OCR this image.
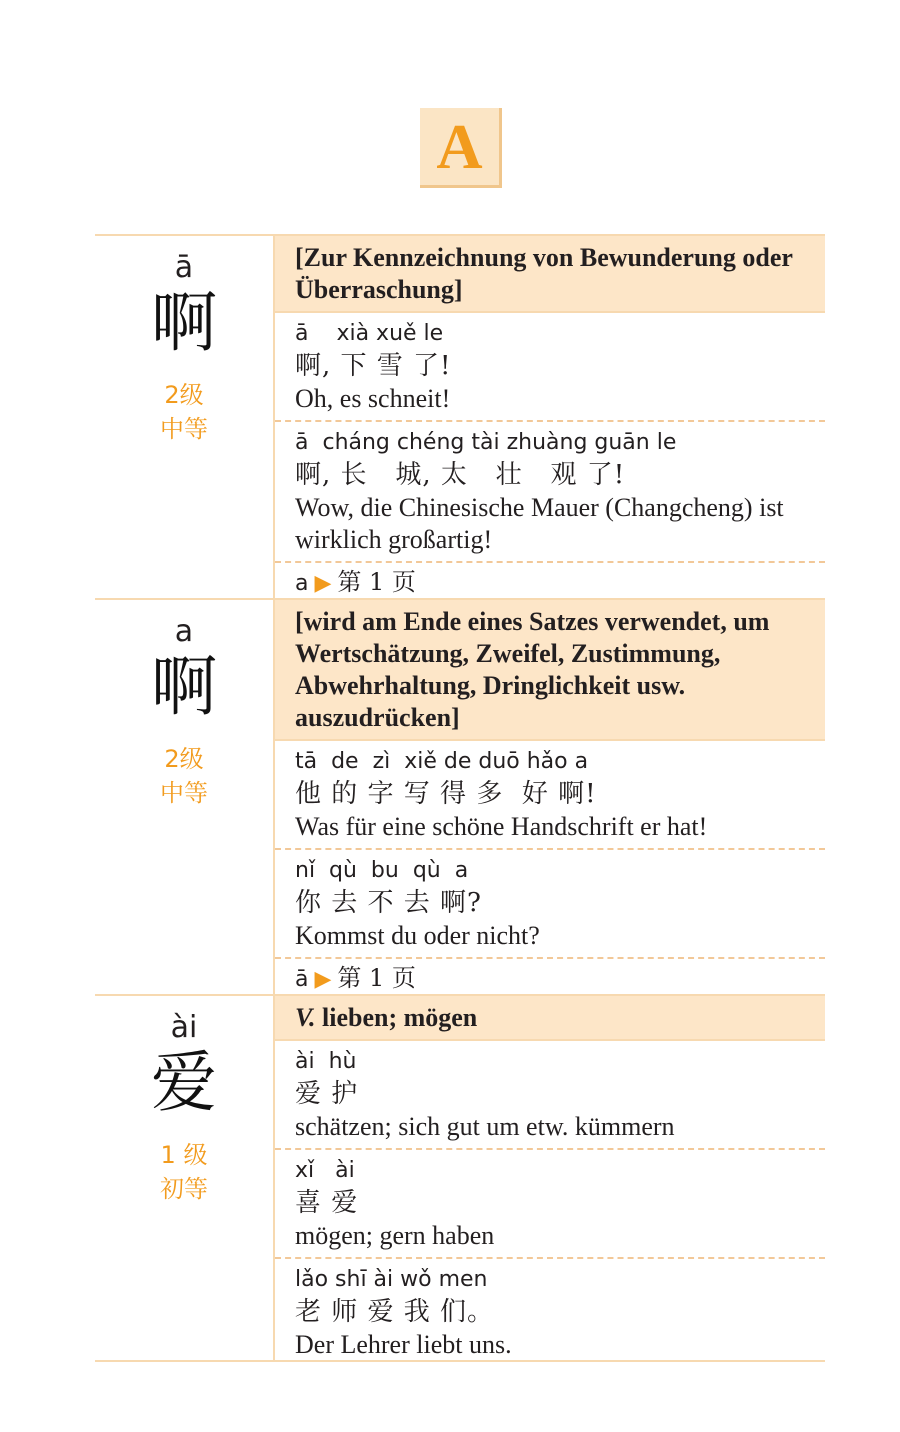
A
ā
啊
2级
中等
[Zur Kennzeichnung von Bewunderung oder Überraschung]
ā    xià xuě le
啊, 下 雪 了!
Oh, es schneit!
ā  cháng chéng tài zhuàng guān le
啊, 长   城, 太   壮   观 了!
Wow, die Chinesische Mauer (Changcheng) ist wirklich großartig!
a ▶ 第 1 页
a
啊
2级
中等
[wird am Ende eines Satzes verwendet, um Wertschätzung, Zweifel, Zustimmung, Abwehrhaltung, Dringlichkeit usw. auszudrücken]
tā  de  zì  xiě de duō hǎo a
他 的 字 写 得 多  好 啊!
Was für eine schöne Handschrift er hat!
nǐ  qù  bu  qù  a
你 去 不 去 啊?
Kommst du oder nicht?
ā ▶ 第 1 页
ài
爱
1 级
初等
V. lieben; mögen
ài  hù
爱 护
schätzen; sich gut um etw. kümmern
xǐ   ài
喜 爱
mögen; gern haben
lǎo shī ài wǒ men
老 师 爱 我 们。
Der Lehrer liebt uns.
